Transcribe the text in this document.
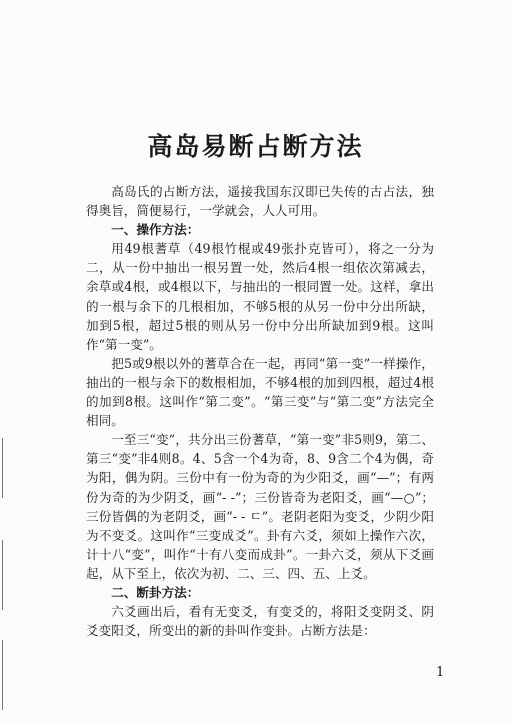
高岛易断占断方法

高岛氏的占断方法，遥接我国东汉即已失传的古占法，独得奥旨，简便易行，一学就会，人人可用。

一、操作方法：

用49根蓍草（49根竹棍或49张扑克皆可），将之一分为二，从一份中抽出一根另置一处，然后4根一组依次第减去，余草或4根，或4根以下，与抽出的一根同置一处。这样，拿出的一根与余下的几根相加，不够5根的从另一份中分出所缺，加到5根，超过5根的则从另一份中分出所缺加到9根。这叫作“第一变”。

把5或9根以外的蓍草合在一起，再同“第一变”一样操作，抽出的一根与余下的数根相加，不够4根的加到四根，超过4根的加到8根。这叫作“第二变”。“第三变”与“第二变”方法完全相同。

一至三“变”，共分出三份蓍草，“第一变”非5则9，第二、第三“变”非4则8。4、5含一个4为奇，8、9含二个4为偶，奇为阳，偶为阴。三份中有一份为奇的为少阳爻，画“—”；有两份为奇的为少阴爻，画“- -”；三份皆奇为老阳爻，画“—○”；三份皆偶的为老阴爻，画“- - ㄷ”。老阴老阳为变爻，少阴少阳为不变爻。这叫作“三变成爻”。卦有六爻，须如上操作六次，计十八“变”，叫作“十有八变而成卦”。一卦六爻，须从下爻画起，从下至上，依次为初、二、三、四、五、上爻。

二、断卦方法：

六爻画出后，看有无变爻，有变爻的，将阳爻变阴爻、阴爻变阳爻，所变出的新的卦叫作变卦。占断方法是：

1
